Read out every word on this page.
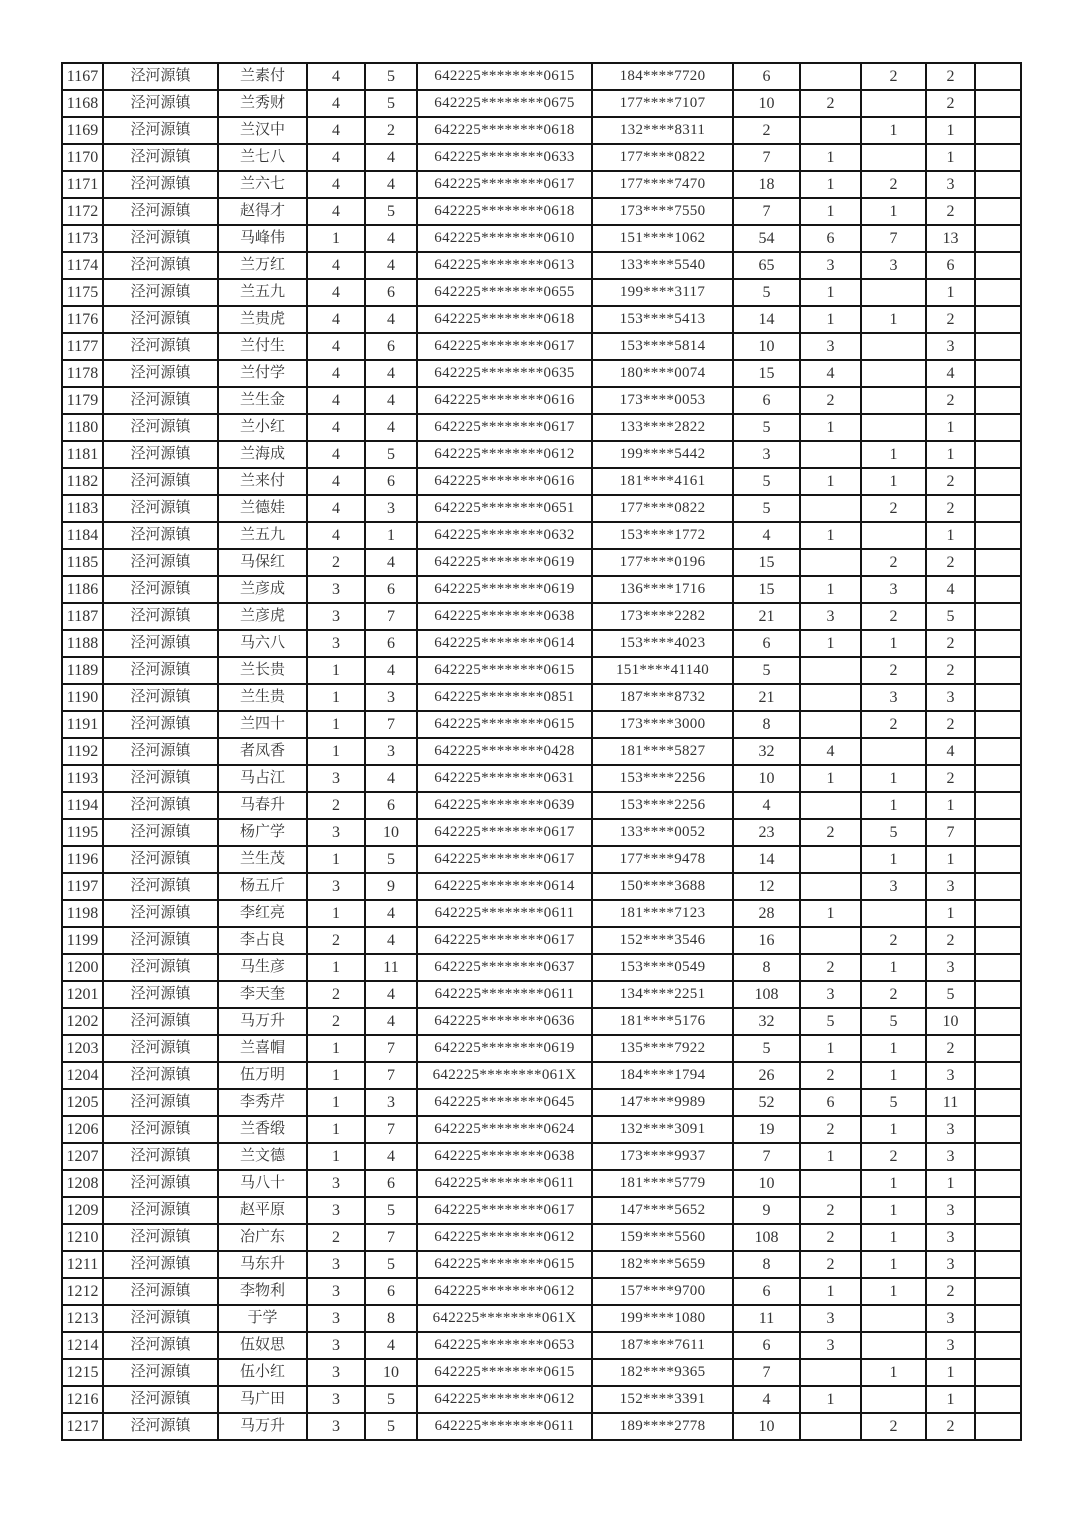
1167	泾河源镇	兰素付	4	5	642225********0615	184****7720	6		2	2	
1168	泾河源镇	兰秀财	4	5	642225********0675	177****7107	10	2		2	
1169	泾河源镇	兰汉中	4	2	642225********0618	132****8311	2		1	1	
1170	泾河源镇	兰七八	4	4	642225********0633	177****0822	7	1		1	
1171	泾河源镇	兰六七	4	4	642225********0617	177****7470	18	1	2	3	
1172	泾河源镇	赵得才	4	5	642225********0618	173****7550	7	1	1	2	
1173	泾河源镇	马峰伟	1	4	642225********0610	151****1062	54	6	7	13	
1174	泾河源镇	兰万红	4	4	642225********0613	133****5540	65	3	3	6	
1175	泾河源镇	兰五九	4	6	642225********0655	199****3117	5	1		1	
1176	泾河源镇	兰贵虎	4	4	642225********0618	153****5413	14	1	1	2	
1177	泾河源镇	兰付生	4	6	642225********0617	153****5814	10	3		3	
1178	泾河源镇	兰付学	4	4	642225********0635	180****0074	15	4		4	
1179	泾河源镇	兰生金	4	4	642225********0616	173****0053	6	2		2	
1180	泾河源镇	兰小红	4	4	642225********0617	133****2822	5	1		1	
1181	泾河源镇	兰海成	4	5	642225********0612	199****5442	3		1	1	
1182	泾河源镇	兰来付	4	6	642225********0616	181****4161	5	1	1	2	
1183	泾河源镇	兰德娃	4	3	642225********0651	177****0822	5		2	2	
1184	泾河源镇	兰五九	4	1	642225********0632	153****1772	4	1		1	
1185	泾河源镇	马保红	2	4	642225********0619	177****0196	15		2	2	
1186	泾河源镇	兰彦成	3	6	642225********0619	136****1716	15	1	3	4	
1187	泾河源镇	兰彦虎	3	7	642225********0638	173****2282	21	3	2	5	
1188	泾河源镇	马六八	3	6	642225********0614	153****4023	6	1	1	2	
1189	泾河源镇	兰长贵	1	4	642225********0615	151****41140	5		2	2	
1190	泾河源镇	兰生贵	1	3	642225********0851	187****8732	21		3	3	
1191	泾河源镇	兰四十	1	7	642225********0615	173****3000	8		2	2	
1192	泾河源镇	者凤香	1	3	642225********0428	181****5827	32	4		4	
1193	泾河源镇	马占江	3	4	642225********0631	153****2256	10	1	1	2	
1194	泾河源镇	马春升	2	6	642225********0639	153****2256	4		1	1	
1195	泾河源镇	杨广学	3	10	642225********0617	133****0052	23	2	5	7	
1196	泾河源镇	兰生茂	1	5	642225********0617	177****9478	14		1	1	
1197	泾河源镇	杨五斤	3	9	642225********0614	150****3688	12		3	3	
1198	泾河源镇	李红亮	1	4	642225********0611	181****7123	28	1		1	
1199	泾河源镇	李占良	2	4	642225********0617	152****3546	16		2	2	
1200	泾河源镇	马生彦	1	11	642225********0637	153****0549	8	2	1	3	
1201	泾河源镇	李天奎	2	4	642225********0611	134****2251	108	3	2	5	
1202	泾河源镇	马万升	2	4	642225********0636	181****5176	32	5	5	10	
1203	泾河源镇	兰喜帽	1	7	642225********0619	135****7922	5	1	1	2	
1204	泾河源镇	伍万明	1	7	642225********061X	184****1794	26	2	1	3	
1205	泾河源镇	李秀芹	1	3	642225********0645	147****9989	52	6	5	11	
1206	泾河源镇	兰香缎	1	7	642225********0624	132****3091	19	2	1	3	
1207	泾河源镇	兰文德	1	4	642225********0638	173****9937	7	1	2	3	
1208	泾河源镇	马八十	3	6	642225********0611	181****5779	10		1	1	
1209	泾河源镇	赵平原	3	5	642225********0617	147****5652	9	2	1	3	
1210	泾河源镇	冶广东	2	7	642225********0612	159****5560	108	2	1	3	
1211	泾河源镇	马东升	3	5	642225********0615	182****5659	8	2	1	3	
1212	泾河源镇	李物利	3	6	642225********0612	157****9700	6	1	1	2	
1213	泾河源镇	于学	3	8	642225********061X	199****1080	11	3		3	
1214	泾河源镇	伍奴思	3	4	642225********0653	187****7611	6	3		3	
1215	泾河源镇	伍小红	3	10	642225********0615	182****9365	7		1	1	
1216	泾河源镇	马广田	3	5	642225********0612	152****3391	4	1		1	
1217	泾河源镇	马万升	3	5	642225********0611	189****2778	10		2	2	
